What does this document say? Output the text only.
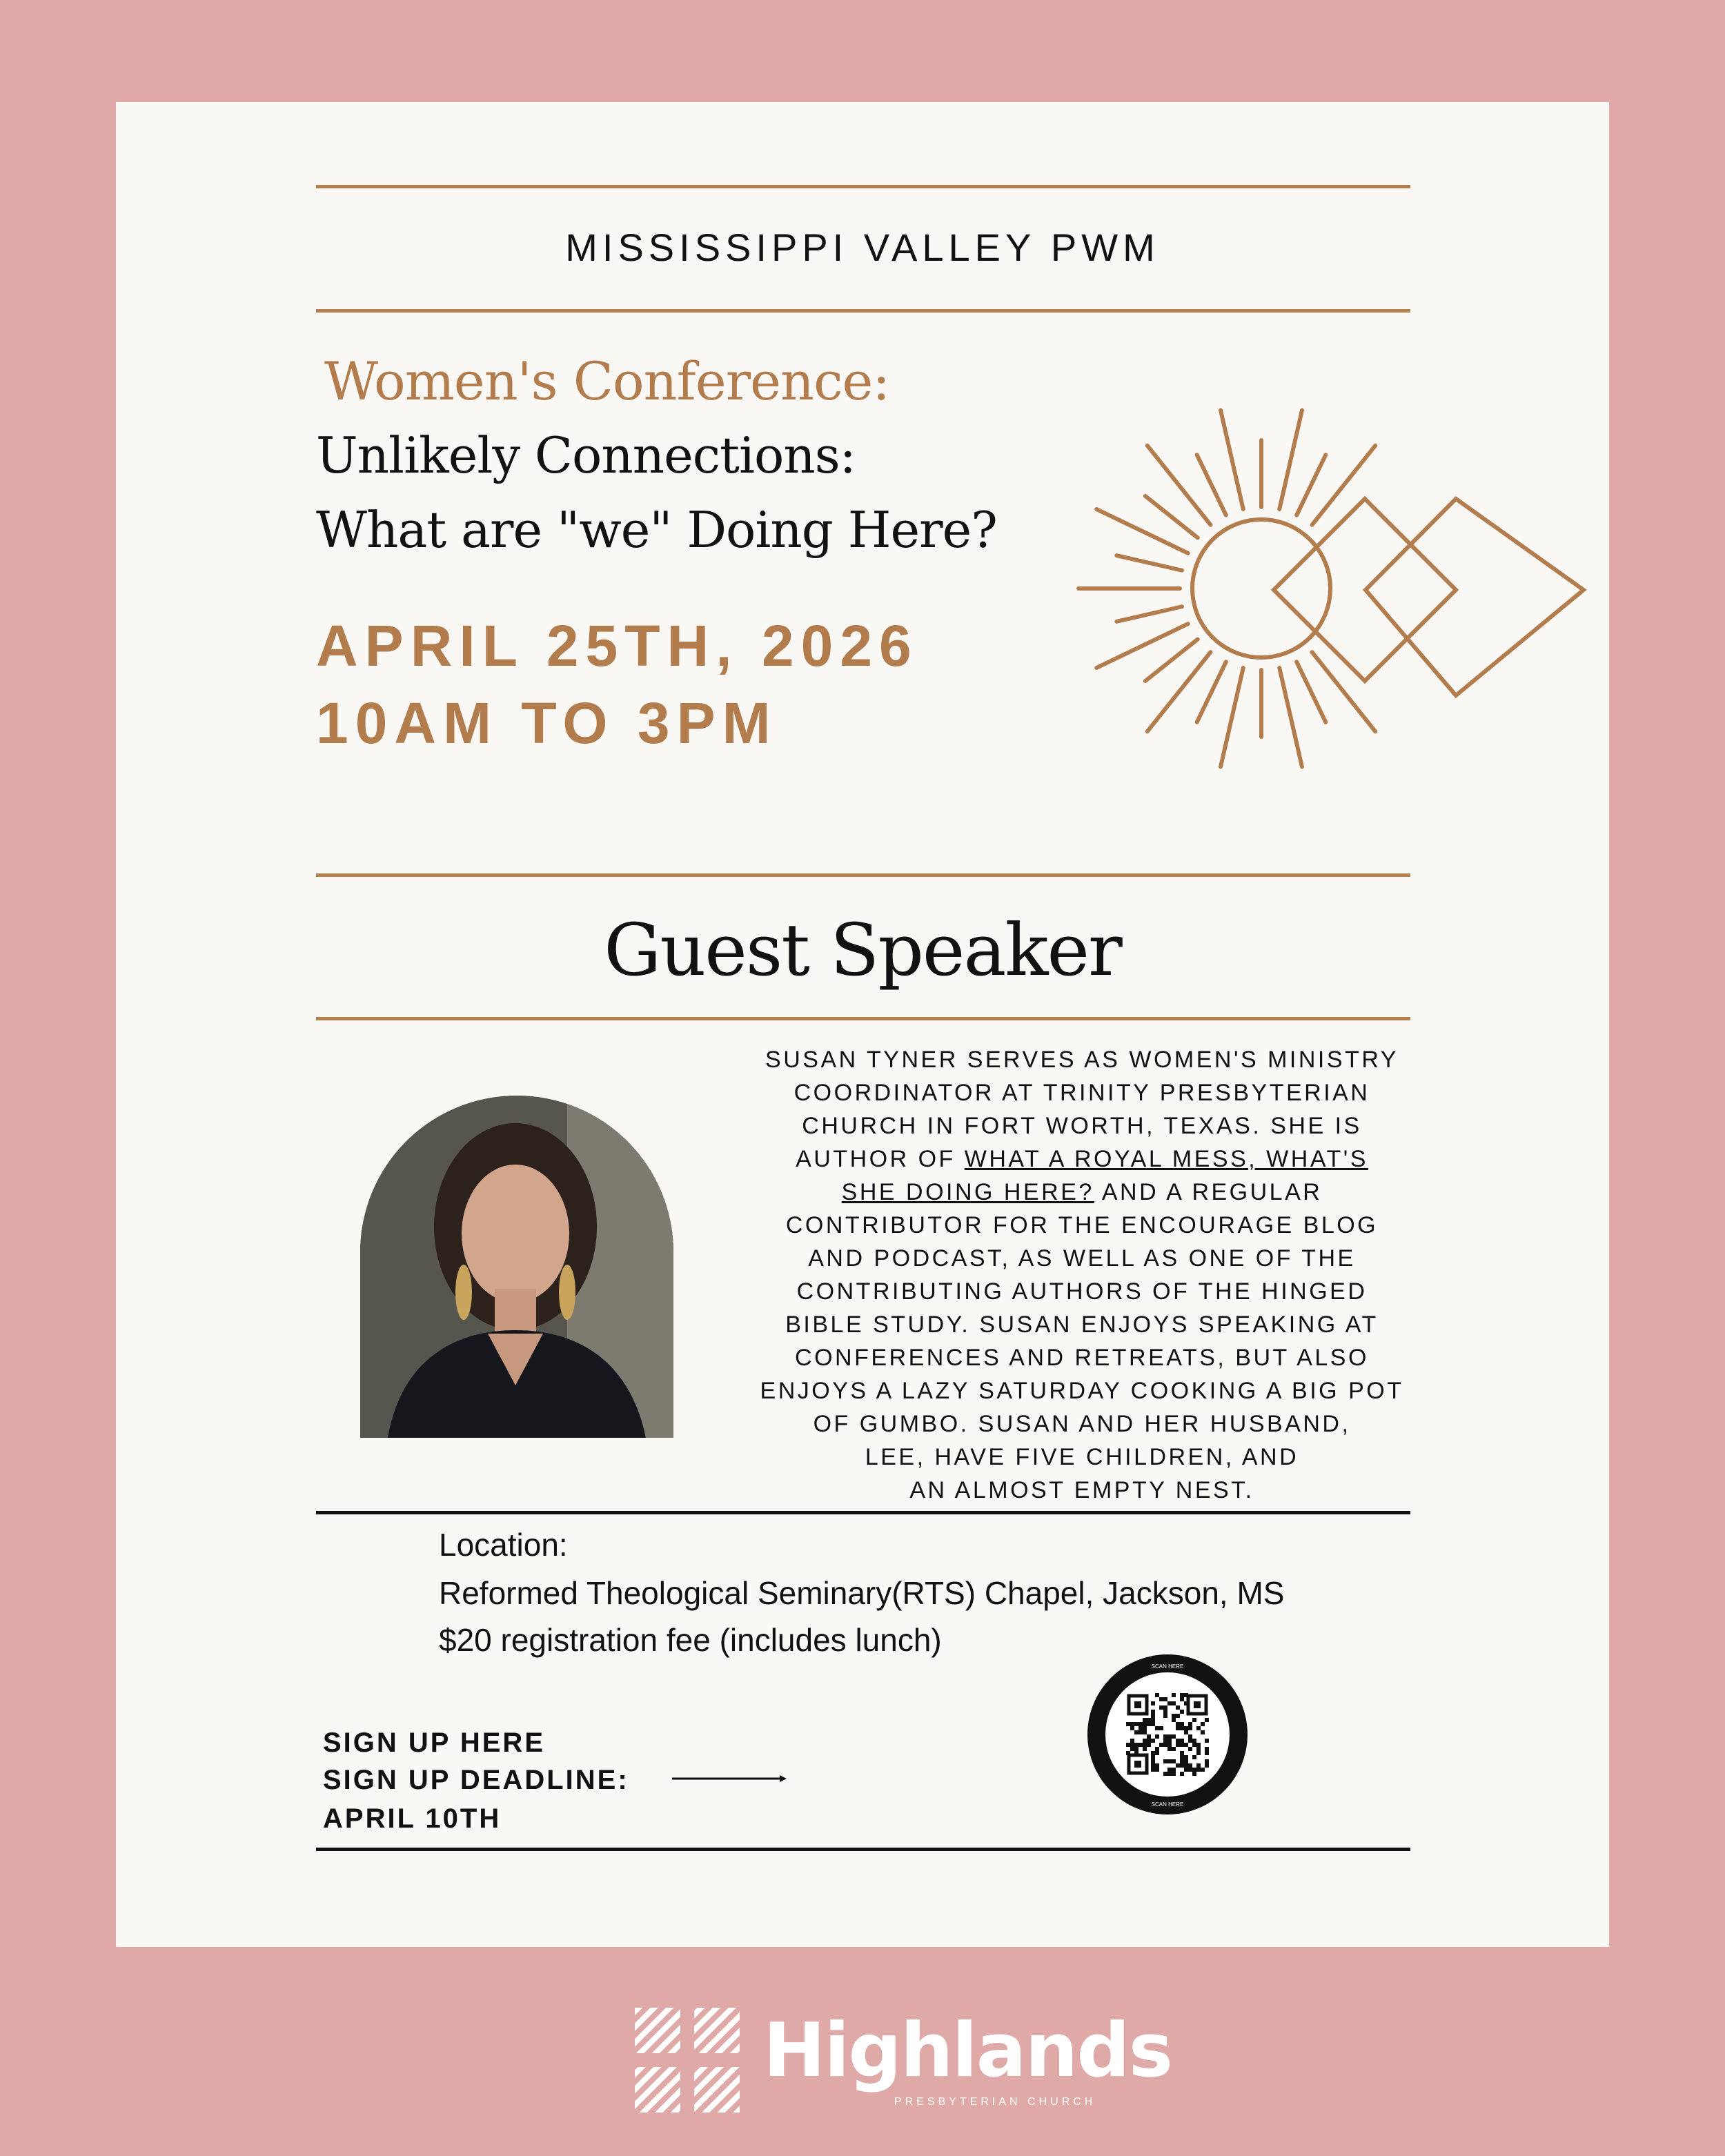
MISSISSIPPI VALLEY PWM
Women's Conference:
Unlikely Connections:
What are "we" Doing Here?
APRIL 25TH, 2026
10AM TO 3PM
Guest Speaker
SUSAN TYNER SERVES AS WOMEN'S MINISTRY
COORDINATOR AT TRINITY PRESBYTERIAN
CHURCH IN FORT WORTH, TEXAS. SHE IS
AUTHOR OF WHAT A ROYAL MESS, WHAT'S
SHE DOING HERE? AND A REGULAR
CONTRIBUTOR FOR THE ENCOURAGE BLOG
AND PODCAST, AS WELL AS ONE OF THE
CONTRIBUTING AUTHORS OF THE HINGED
BIBLE STUDY. SUSAN ENJOYS SPEAKING AT
CONFERENCES AND RETREATS, BUT ALSO
ENJOYS A LAZY SATURDAY COOKING A BIG POT
OF GUMBO. SUSAN AND HER HUSBAND,
LEE, HAVE FIVE CHILDREN, AND
AN ALMOST EMPTY NEST.
Location:
Reformed Theological Seminary(RTS) Chapel, Jackson, MS
$20 registration fee (includes lunch)
SIGN UP HERE
SIGN UP DEADLINE:
APRIL 10TH
SCAN HERE
SCAN HERE
Highlands
PRESBYTERIAN CHURCH
